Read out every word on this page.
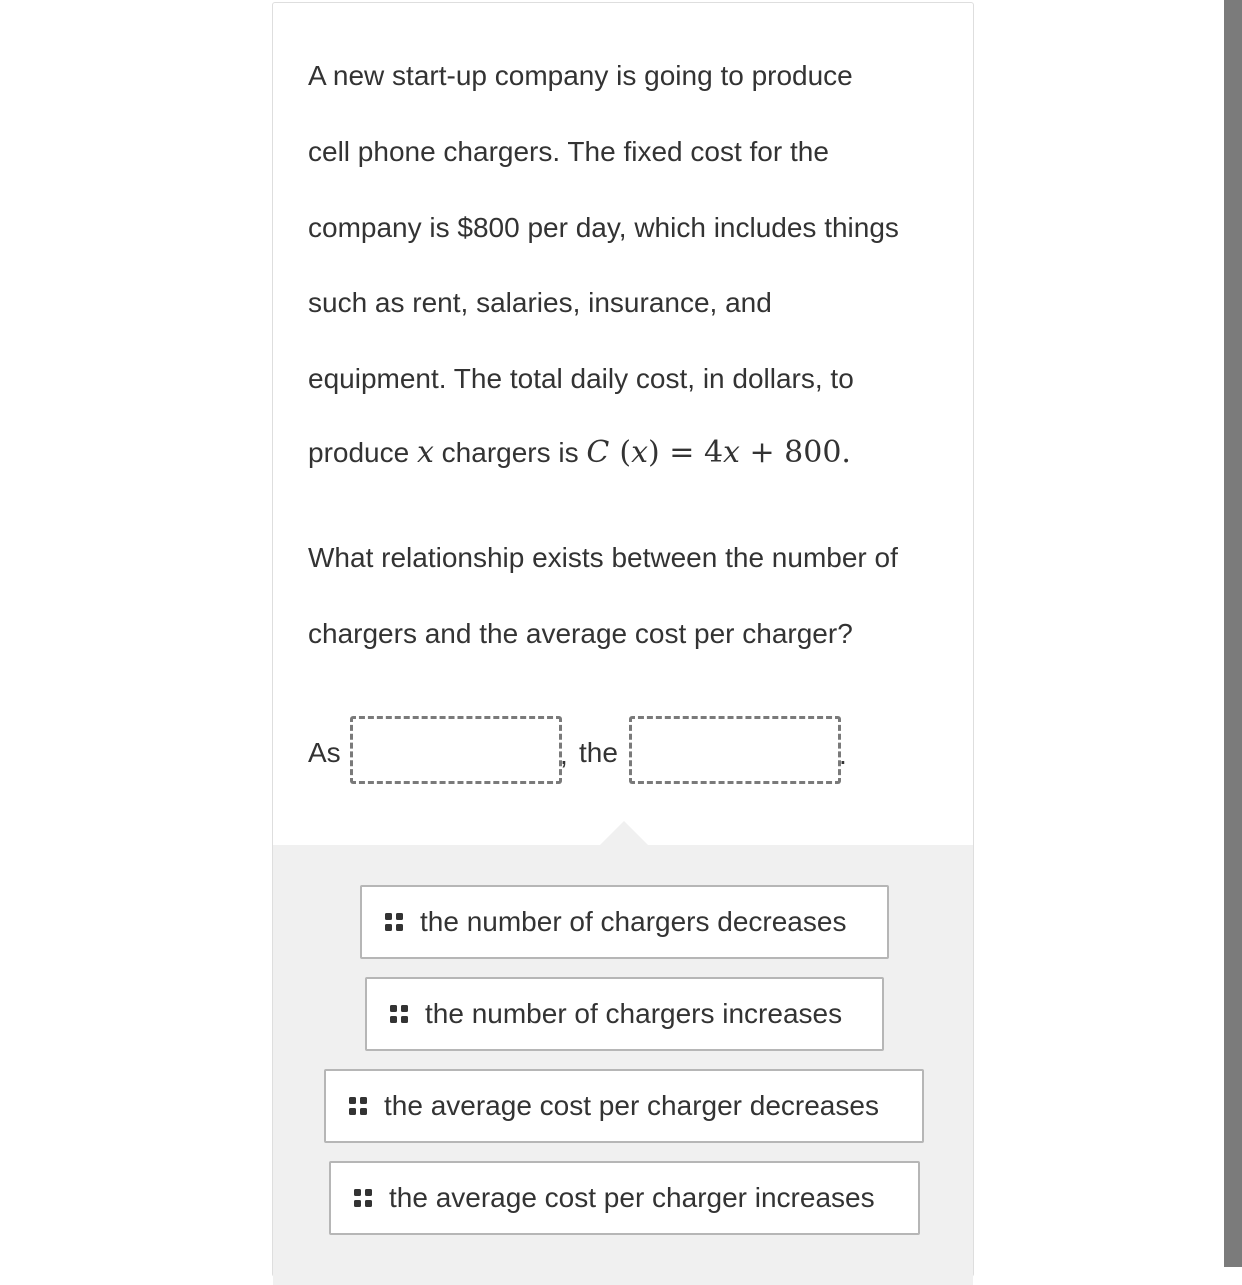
A new start-up company is going to produce
cell phone chargers. The fixed cost for the
company is $800 per day, which includes things
such as rent, salaries, insurance, and
equipment. The total daily cost, in dollars, to
produce x chargers is C (x) = 4x + 800.
What relationship exists between the number of
chargers and the average cost per charger?
As	, the	.
the number of chargers decreases
the number of chargers increases
the average cost per charger decreases
the average cost per charger increases
